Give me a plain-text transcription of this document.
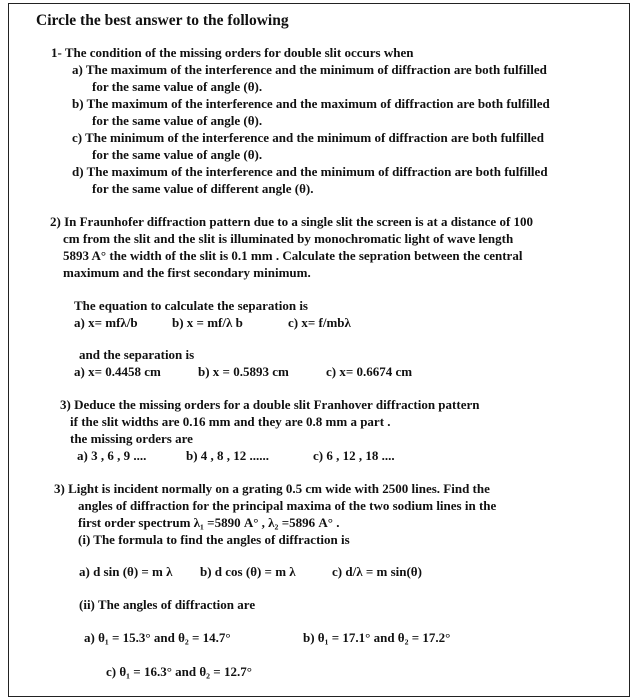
Circle the best answer to the following
1- The condition of the missing orders for double slit occurs when
a) The maximum of the interference and the minimum of diffraction are both fulfilled
for the same value of angle (θ).
b) The maximum of the interference and the maximum of diffraction are both fulfilled
for the same value of angle (θ).
c) The minimum of the interference and the minimum of diffraction are both fulfilled
for the same value of angle (θ).
d) The maximum of the interference and the minimum of diffraction are both fulfilled
for the same value of different angle (θ).
2) In Fraunhofer diffraction pattern due to a single slit the screen is at a distance of 100
cm from the slit and the slit is illuminated by monochromatic light of wave length
5893 A° the width of the slit is 0.1 mm . Calculate the sepration between the central
maximum and the first secondary minimum.
The equation to calculate the separation is
a) x= mfλ/b	b) x = mf/λ b	c) x= f/mbλ
and the separation is
a) x= 0.4458 cm	b) x = 0.5893 cm	c) x= 0.6674 cm
3) Deduce the missing orders for a double slit Franhover diffraction pattern
if the slit widths are 0.16 mm and they are 0.8 mm a part .
the missing orders are
a) 3 , 6 , 9 ....	b) 4 , 8 , 12 ......	c) 6 , 12 , 18 ....
3) Light is incident normally on a grating 0.5 cm wide with 2500 lines. Find the
angles of diffraction for the principal maxima of the two sodium lines in the
first order spectrum λ₁ =5890 A° , λ₂ =5896 A° .
(i) The formula to find the angles of diffraction is
a) d sin (θ) = m λ b) d cos (θ) = m λ	c) d/λ = m sin(θ)
(ii) The angles of diffraction are
a) θ₁ = 15.3° and θ₂ = 14.7°	b) θ₁ = 17.1° and θ₂ = 17.2°
c) θ₁ = 16.3° and θ₂ = 12.7°
